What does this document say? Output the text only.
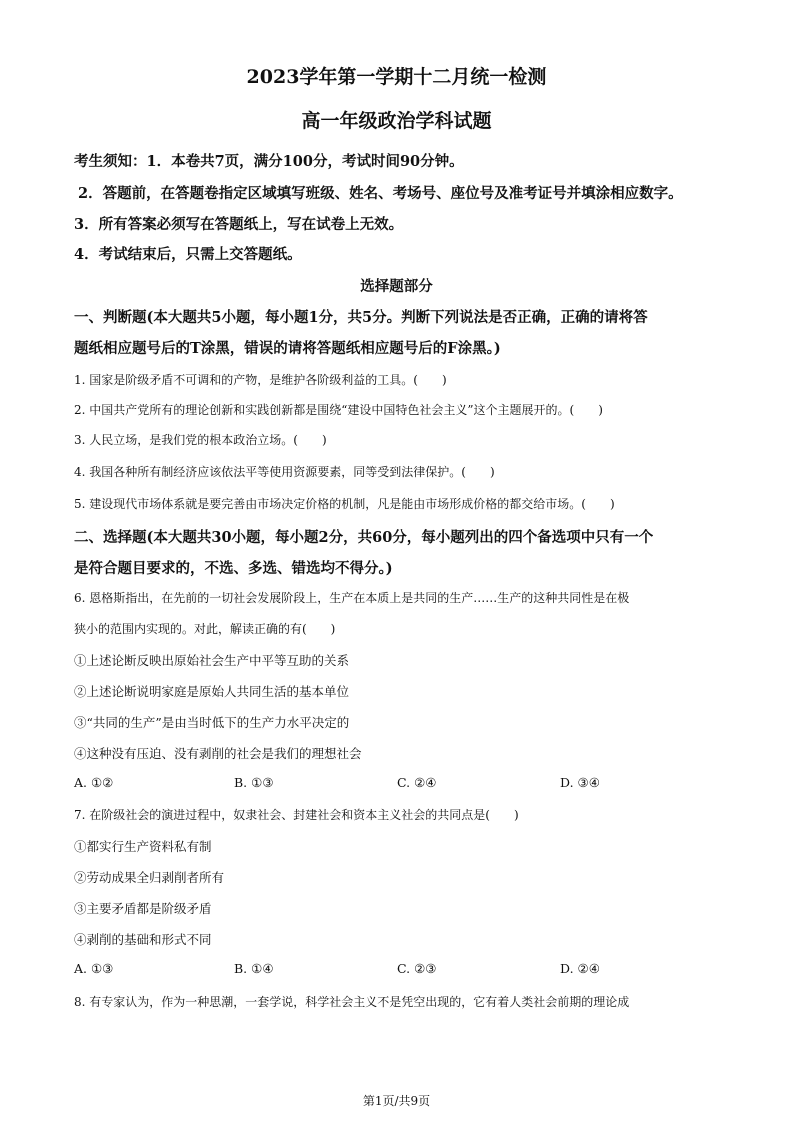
2023学年第一学期十二月统一检测
高一年级政治学科试题
考生须知：1．本卷共7页，满分100分，考试时间90分钟。
2．答题前，在答题卷指定区域填写班级、姓名、考场号、座位号及准考证号并填涂相应数字。
3．所有答案必须写在答题纸上，写在试卷上无效。
4．考试结束后，只需上交答题纸。
选择题部分
一、判断题(本大题共5小题，每小题1分，共5分。判断下列说法是否正确，正确的请将答
题纸相应题号后的T涂黑，错误的请将答题纸相应题号后的F涂黑。)
1. 国家是阶级矛盾不可调和的产物，是维护各阶级利益的工具。(　　)
2. 中国共产党所有的理论创新和实践创新都是围绕“建设中国特色社会主义”这个主题展开的。(　　)
3. 人民立场，是我们党的根本政治立场。(　　)
4. 我国各种所有制经济应该依法平等使用资源要素，同等受到法律保护。(　　)
5. 建设现代市场体系就是要完善由市场决定价格的机制，凡是能由市场形成价格的都交给市场。(　　)
二、选择题(本大题共30小题，每小题2分，共60分，每小题列出的四个备选项中只有一个
是符合题目要求的，不选、多选、错选均不得分。)
6. 恩格斯指出，在先前的一切社会发展阶段上，生产在本质上是共同的生产……生产的这种共同性是在极
狭小的范围内实现的。对此，解读正确的有(　　)
①上述论断反映出原始社会生产中平等互助的关系
②上述论断说明家庭是原始人共同生活的基本单位
③“共同的生产”是由当时低下的生产力水平决定的
④这种没有压迫、没有剥削的社会是我们的理想社会
A. ①②	B. ①③	C. ②④	D. ③④
7. 在阶级社会的演进过程中，奴隶社会、封建社会和资本主义社会的共同点是(　　)
①都实行生产资料私有制
②劳动成果全归剥削者所有
③主要矛盾都是阶级矛盾
④剥削的基础和形式不同
A. ①③	B. ①④	C. ②③	D. ②④
8. 有专家认为，作为一种思潮，一套学说，科学社会主义不是凭空出现的，它有着人类社会前期的理论成
第1页/共9页
